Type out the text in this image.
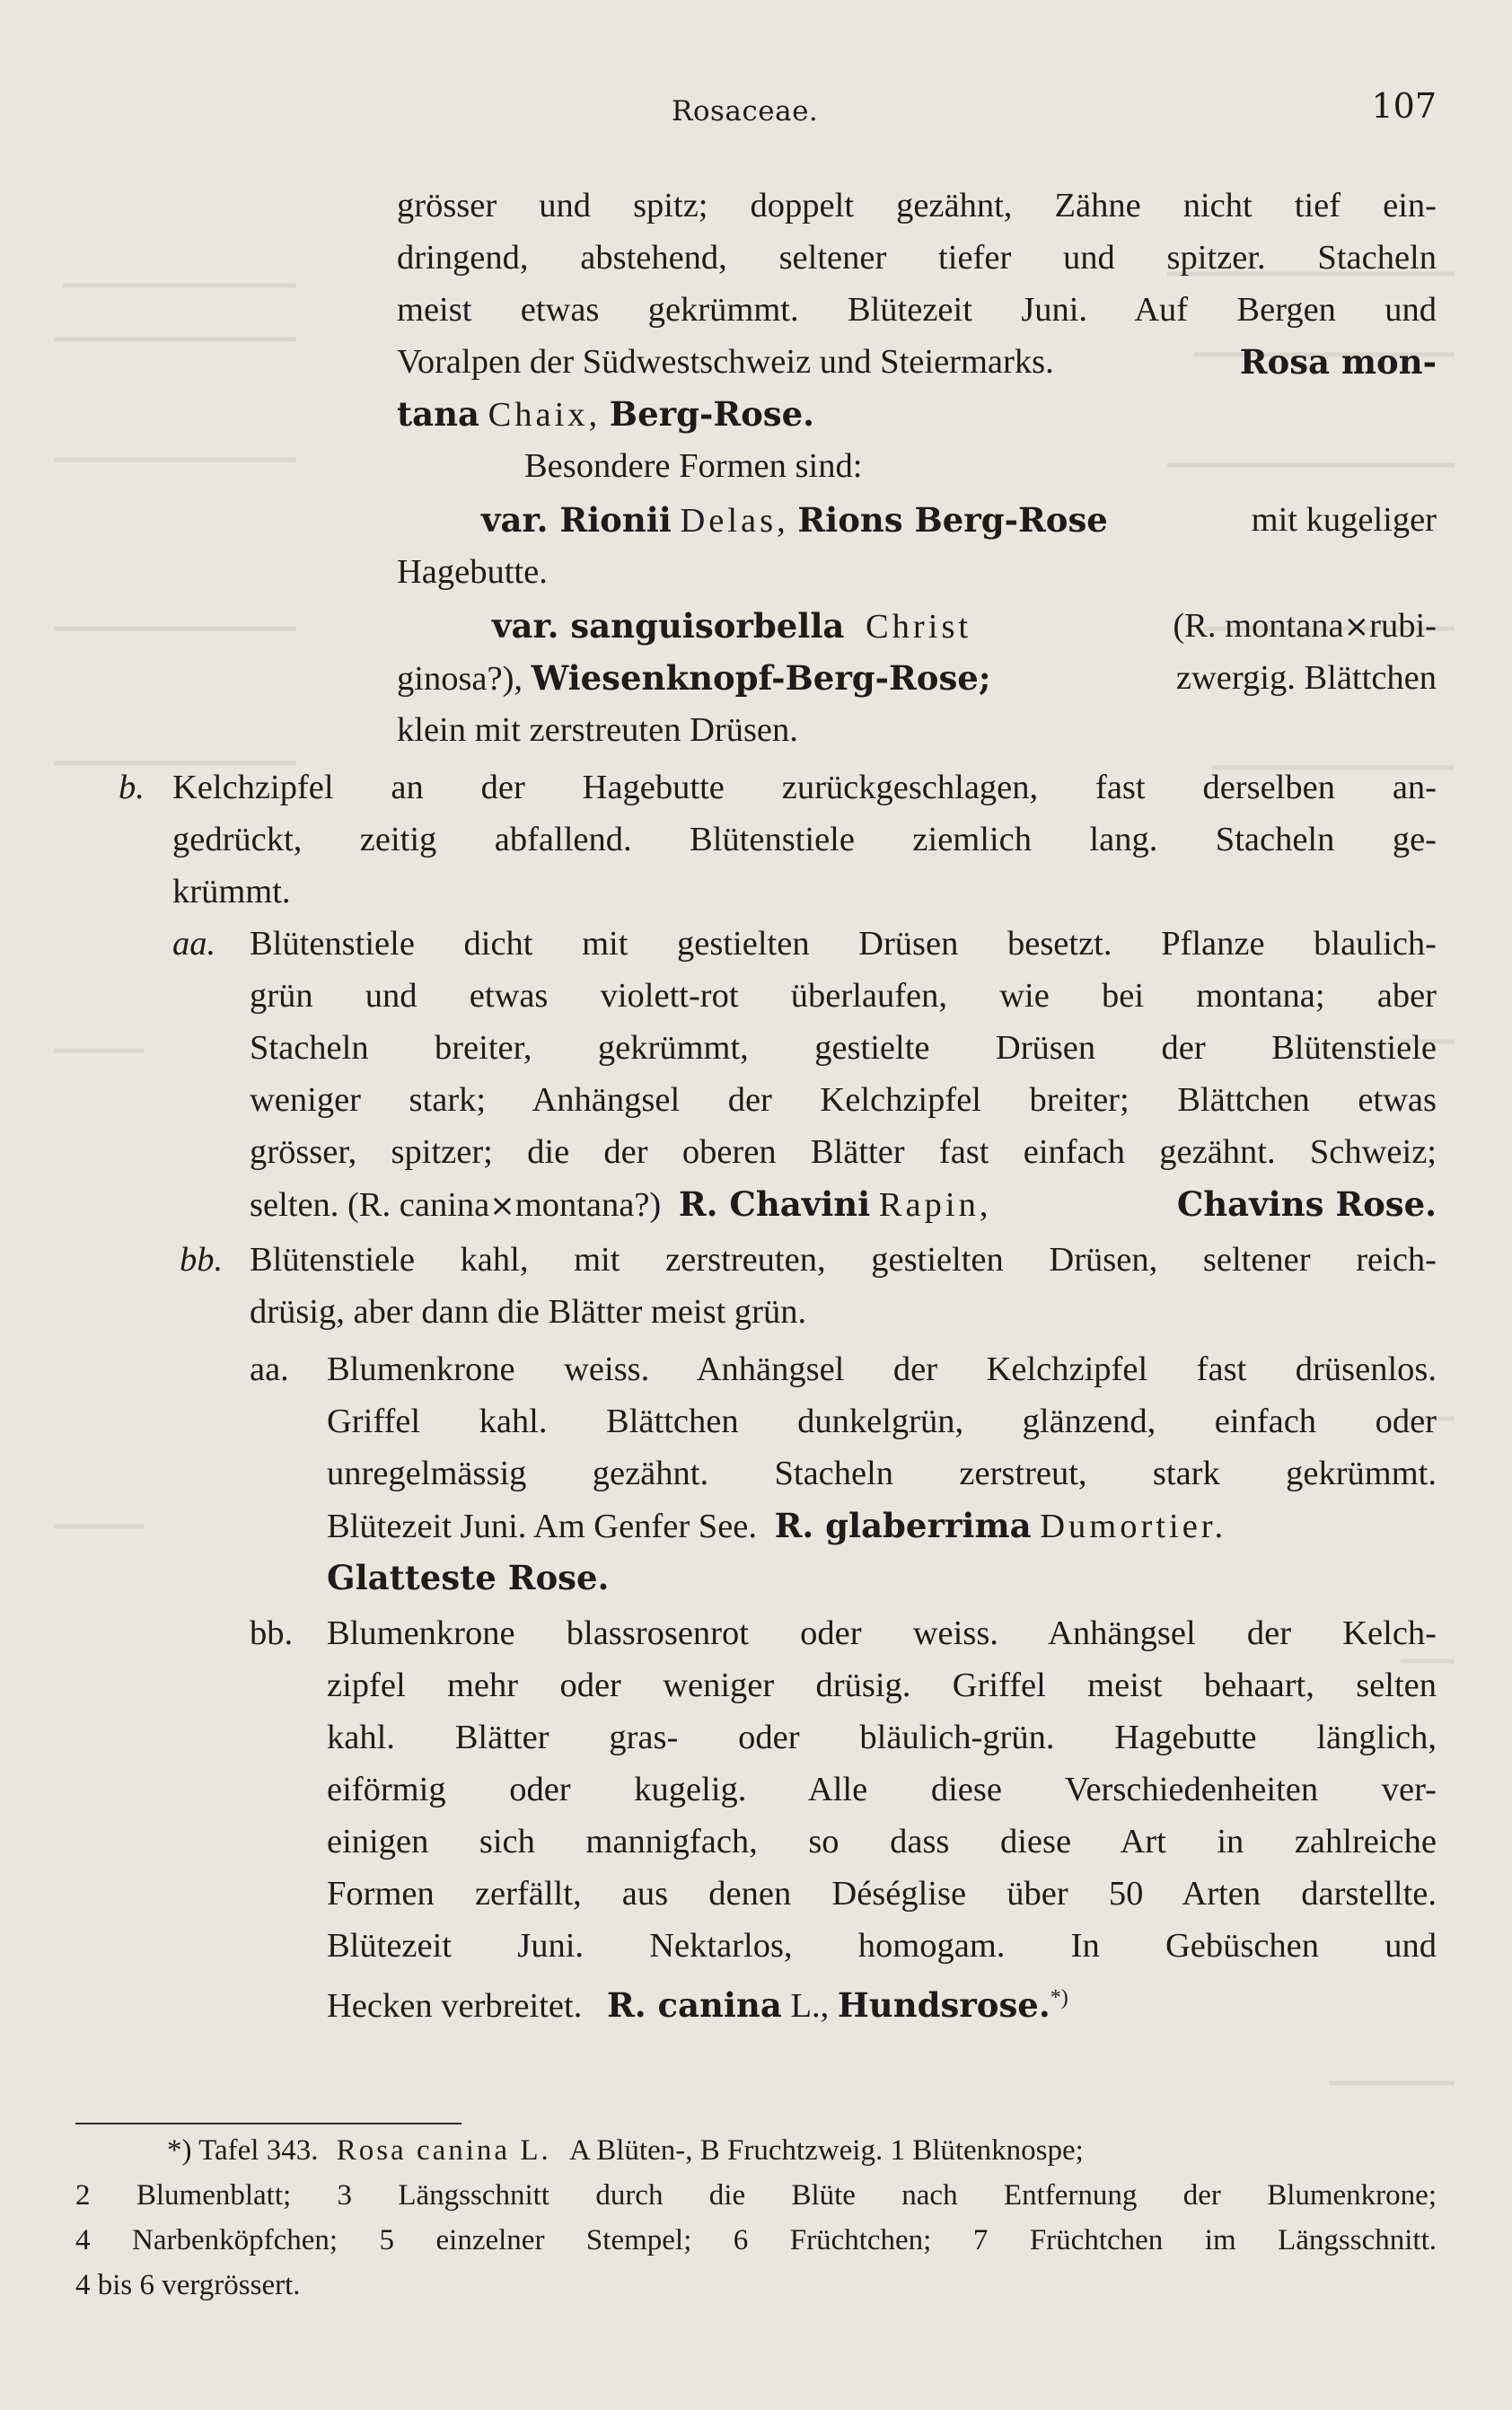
Rosaceae.	107
grösser und spitz; doppelt gezähnt, Zähne nicht tief ein-
dringend, abstehend, seltener tiefer und spitzer. Stacheln
meist etwas gekrümmt. Blütezeit Juni. Auf Bergen und
Voralpen der Südwestschweiz und Steiermarks.	Rosa mon-
tana Chaix, Berg-Rose.
Besondere Formen sind:
var. Rionii Delas, Rions Berg-Rose	mit kugeliger
Hagebutte.
var. sanguisorbella Christ	(R. montana⨯rubi-
ginosa?), Wiesenknopf-Berg-Rose;	zwergig. Blättchen
klein mit zerstreuten Drüsen.
b. Kelchzipfel an der Hagebutte zurückgeschlagen, fast derselben an-
gedrückt, zeitig abfallend. Blütenstiele ziemlich lang. Stacheln ge-
krümmt.
aa. Blütenstiele dicht mit gestielten Drüsen besetzt. Pflanze blaulich-
grün und etwas violett-rot überlaufen, wie bei montana; aber
Stacheln breiter, gekrümmt, gestielte Drüsen der Blütenstiele
weniger stark; Anhängsel der Kelchzipfel breiter; Blättchen etwas
grösser, spitzer; die der oberen Blätter fast einfach gezähnt. Schweiz;
selten. (R. canina⨯montana?) R. Chavini Rapin,	Chavins Rose.
bb. Blütenstiele kahl, mit zerstreuten, gestielten Drüsen, seltener reich-
drüsig, aber dann die Blätter meist grün.
aa. Blumenkrone weiss. Anhängsel der Kelchzipfel fast drüsenlos.
Griffel kahl. Blättchen dunkelgrün, glänzend, einfach oder
unregelmässig gezähnt. Stacheln zerstreut, stark gekrümmt.
Blütezeit Juni. Am Genfer See. R. glaberrima Dumortier.
Glatteste Rose.
bb. Blumenkrone blassrosenrot oder weiss. Anhängsel der Kelch-
zipfel mehr oder weniger drüsig. Griffel meist behaart, selten
kahl. Blätter gras- oder bläulich-grün. Hagebutte länglich,
eiförmig oder kugelig. Alle diese Verschiedenheiten ver-
einigen sich mannigfach, so dass diese Art in zahlreiche
Formen zerfällt, aus denen Déséglise über 50 Arten darstellte.
Blütezeit Juni. Nektarlos, homogam. In Gebüschen und
Hecken verbreitet. R. canina L., Hundsrose.*)
*) Tafel 343. Rosa canina L. A Blüten-, B Fruchtzweig. 1 Blütenknospe;
2 Blumenblatt; 3 Längsschnitt durch die Blüte nach Entfernung der Blumenkrone;
4 Narbenköpfchen; 5 einzelner Stempel; 6 Früchtchen; 7 Früchtchen im Längsschnitt.
4 bis 6 vergrössert.
